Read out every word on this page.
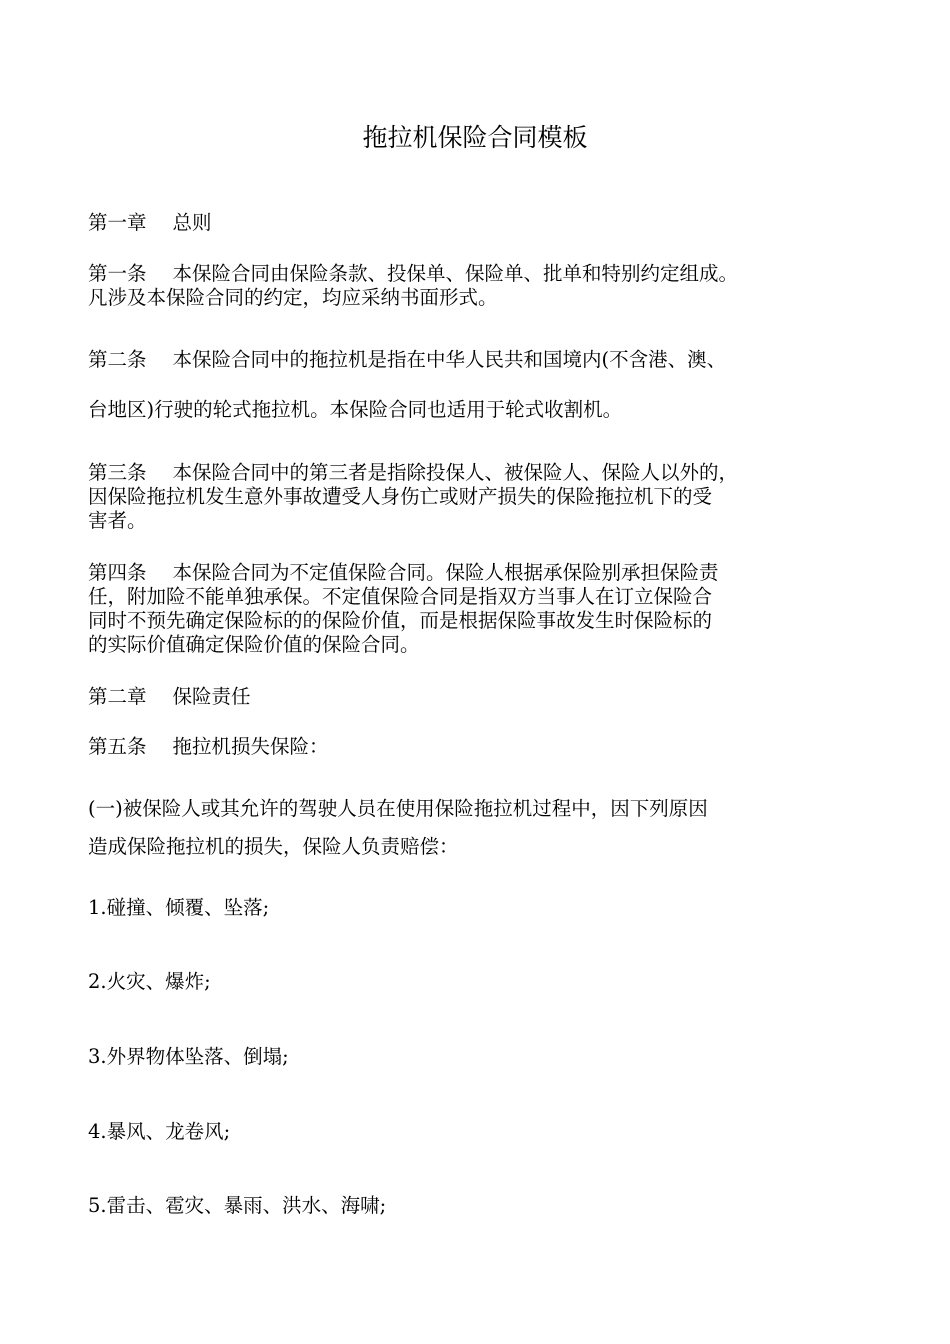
拖拉机保险合同模板
第一章 总则
第一条 本保险合同由保险条款、投保单、保险单、批单和特别约定组成。
凡涉及本保险合同的约定，均应采纳书面形式。
第二条 本保险合同中的拖拉机是指在中华人民共和国境内(不含港、澳、
台地区)行驶的轮式拖拉机。本保险合同也适用于轮式收割机。
第三条 本保险合同中的第三者是指除投保人、被保险人、保险人以外的，
因保险拖拉机发生意外事故遭受人身伤亡或财产损失的保险拖拉机下的受
害者。
第四条 本保险合同为不定值保险合同。保险人根据承保险别承担保险责
任，附加险不能单独承保。不定值保险合同是指双方当事人在订立保险合
同时不预先确定保险标的的保险价值，而是根据保险事故发生时保险标的
的实际价值确定保险价值的保险合同。
第二章 保险责任
第五条 拖拉机损失保险：
(一)被保险人或其允许的驾驶人员在使用保险拖拉机过程中，因下列原因
造成保险拖拉机的损失，保险人负责赔偿：
1.碰撞、倾覆、坠落;
2.火灾、爆炸;
3.外界物体坠落、倒塌;
4.暴风、龙卷风;
5.雷击、雹灾、暴雨、洪水、海啸;
